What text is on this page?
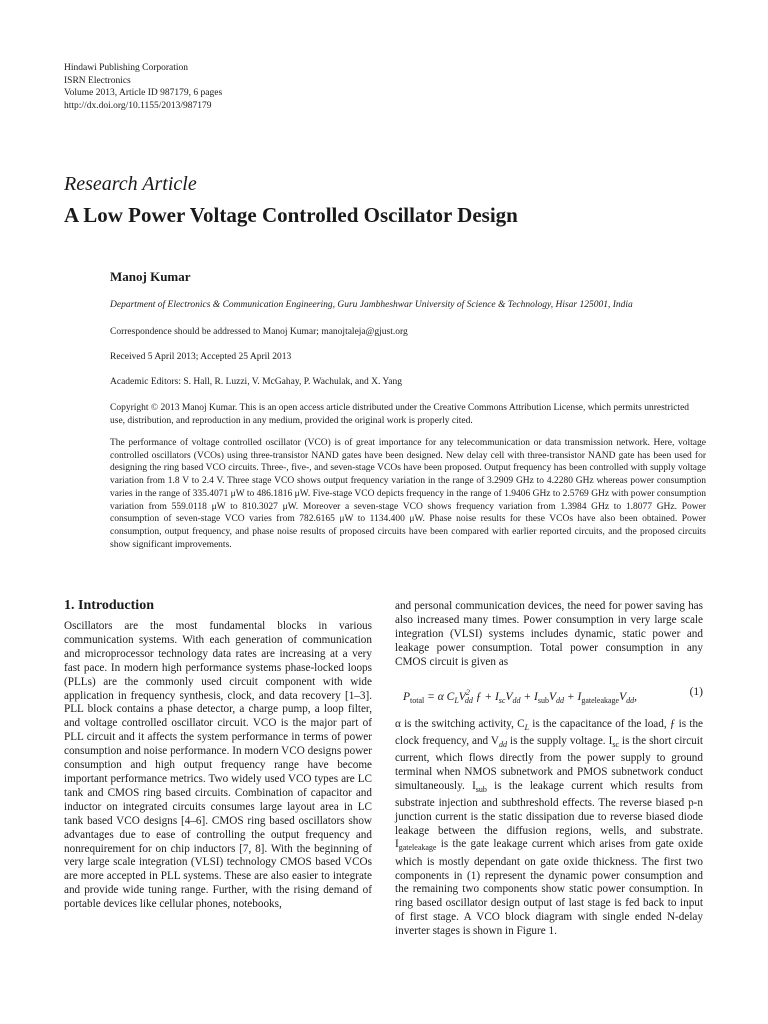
Hindawi Publishing Corporation
ISRN Electronics
Volume 2013, Article ID 987179, 6 pages
http://dx.doi.org/10.1155/2013/987179
Research Article
A Low Power Voltage Controlled Oscillator Design
Manoj Kumar
Department of Electronics & Communication Engineering, Guru Jambheshwar University of Science & Technology, Hisar 125001, India
Correspondence should be addressed to Manoj Kumar; manojtaleja@gjust.org
Received 5 April 2013; Accepted 25 April 2013
Academic Editors: S. Hall, R. Luzzi, V. McGahay, P. Wachulak, and X. Yang
Copyright © 2013 Manoj Kumar. This is an open access article distributed under the Creative Commons Attribution License, which permits unrestricted use, distribution, and reproduction in any medium, provided the original work is properly cited.
The performance of voltage controlled oscillator (VCO) is of great importance for any telecommunication or data transmission network. Here, voltage controlled oscillators (VCOs) using three-transistor NAND gates have been designed. New delay cell with three-transistor NAND gate has been used for designing the ring based VCO circuits. Three-, five-, and seven-stage VCOs have been proposed. Output frequency has been controlled with supply voltage variation from 1.8 V to 2.4 V. Three stage VCO shows output frequency variation in the range of 3.2909 GHz to 4.2280 GHz whereas power consumption varies in the range of 335.4071 μW to 486.1816 μW. Five-stage VCO depicts frequency in the range of 1.9406 GHz to 2.5769 GHz with power consumption variation from 559.0118 μW to 810.3027 μW. Moreover a seven-stage VCO shows frequency variation from 1.3984 GHz to 1.8077 GHz. Power consumption of seven-stage VCO varies from 782.6165 μW to 1134.400 μW. Phase noise results for these VCOs have also been obtained. Power consumption, output frequency, and phase noise results of proposed circuits have been compared with earlier reported circuits, and the proposed circuits show significant improvements.
1. Introduction

Oscillators are the most fundamental blocks in various communication systems. With each generation of communication and microprocessor technology data rates are increasing at a very fast pace. In modern high performance systems phase-locked loops (PLLs) are the commonly used circuit component with wide application in frequency synthesis, clock, and data recovery [1–3]. PLL block contains a phase detector, a charge pump, a loop filter, and voltage controlled oscillator circuit. VCO is the major part of PLL circuit and it affects the system performance in terms of power consumption and noise performance. In modern VCO designs power consumption and high output frequency range have become important performance metrics. Two widely used VCO types are LC tank and CMOS ring based circuits. Combination of capacitor and inductor on integrated circuits consumes large layout area in LC tank based VCO designs [4–6]. CMOS ring based oscillators show advantages due to ease of controlling the output frequency and nonrequirement for on chip inductors [7, 8]. With the beginning of very large scale integration (VLSI) technology CMOS based VCOs are more accepted in PLL systems. These are also easier to integrate and provide wide tuning range. Further, with the rising demand of portable devices like cellular phones, notebooks,

and personal communication devices, the need for power saving has also increased many times. Power consumption in very large scale integration (VLSI) systems includes dynamic, static power and leakage power consumption. Total power consumption in any CMOS circuit is given as

$P_{total} = \alpha$ $C_LV^2_{dd}$ ƒ + $I_{sc}V_{dd} + I_{sub}V_{dd} + I_{gateleakage}V_{dd}$,	(1)

α is the switching activity, $C_L$ is the capacitance of the load, ƒ is the clock frequency, and $V_{dd}$ is the supply voltage. $I_{sc}$ is the short circuit current, which flows directly from the power supply to ground terminal when NMOS subnetwork and PMOS subnetwork conduct simultaneously. $I_{sub}$ is the leakage current which results from substrate injection and subthreshold effects. The reverse biased p-n junction current is the static dissipation due to reverse biased diode leakage between the diffusion regions, wells, and substrate. $I_{gateleakage}$ is the gate leakage current which arises from gate oxide which is mostly dependant on gate oxide thickness. The first two components in (1) represent the dynamic power consumption and the remaining two components show static power consumption. In ring based oscillator design output of last stage is fed back to input of first stage. A VCO block diagram with single ended N-delay inverter stages is shown in Figure 1.
